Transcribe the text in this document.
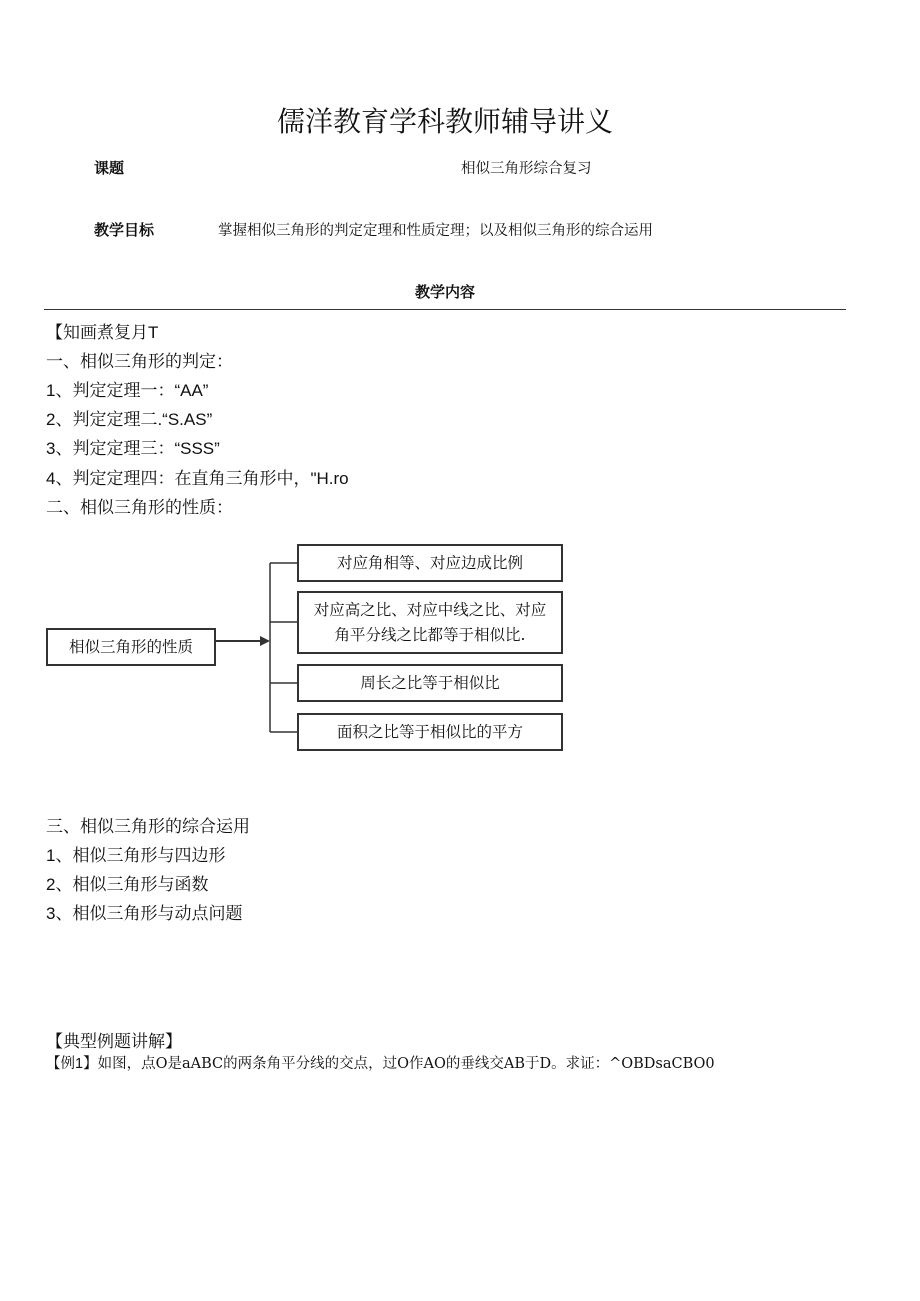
儒洋教育学科教师辅导讲义
课题	相似三角形综合复习
教学目标	掌握相似三角形的判定定理和性质定理；以及相似三角形的综合运用
教学内容
【知画煮复月T
一、相似三角形的判定：
1、判定定理一：“AA”
2、判定定理二.“S.AS”
3、判定定理三：“SSS”
4、判定定理四：在直角三角形中，"H.ro
二、相似三角形的性质：
相似三角形的性质
对应角相等、对应边成比例
对应高之比、对应中线之比、对应角平分线之比都等于相似比.
周长之比等于相似比
面积之比等于相似比的平方
三、相似三角形的综合运用
1、相似三角形与四边形
2、相似三角形与函数
3、相似三角形与动点问题
【典型例题讲解】
【例1】如图，点O是aABC的两条角平分线的交点，过O作AO的垂线交AB于D。求证：^OBDsaCBO0
